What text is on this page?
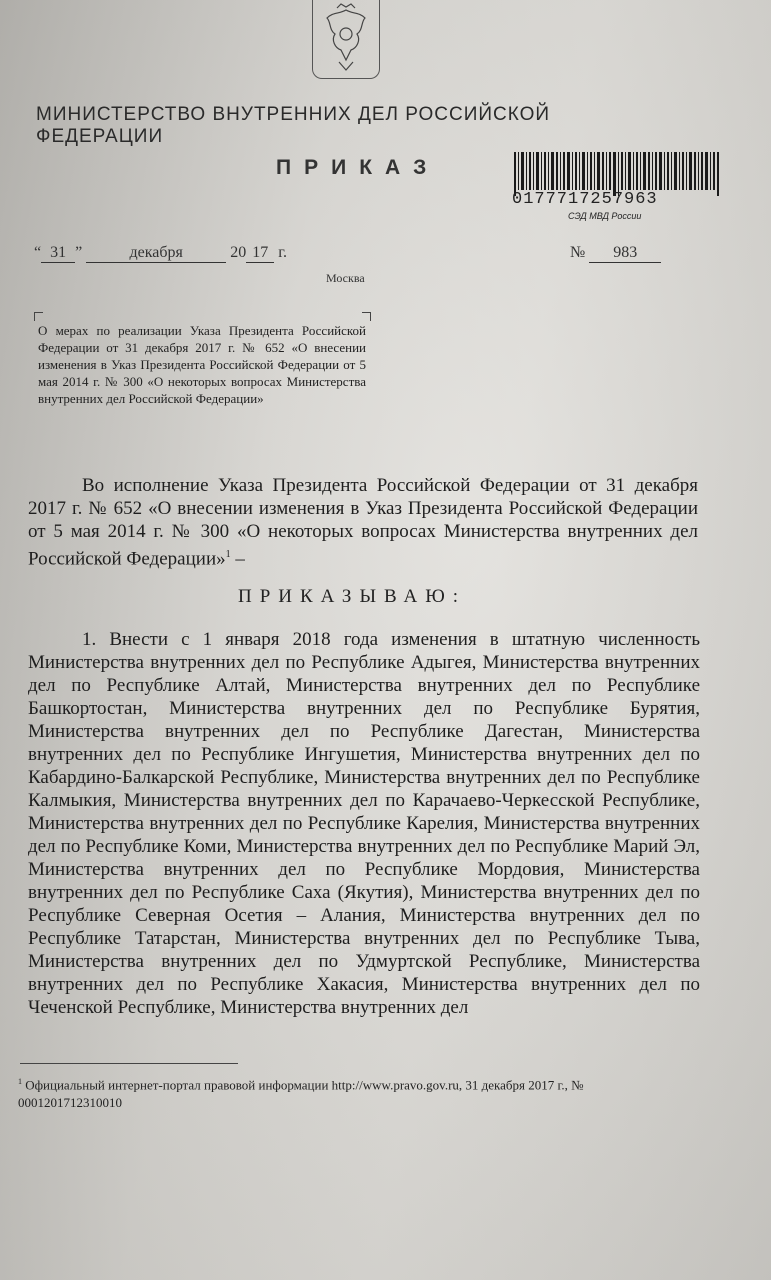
МИНИСТЕРСТВО ВНУТРЕННИХ ДЕЛ РОССИЙСКОЙ ФЕДЕРАЦИИ
ПРИКАЗ
0177717257963
СЭД МВД России
“ 31 ”	декабря	20 17 г.	№ 983
Москва
О мерах по реализации Указа Президента Российской Федерации от 31 декабря 2017 г. № 652 «О внесении изменения в Указ Президента Российской Федерации от 5 мая 2014 г. № 300 «О некоторых вопросах Министерства внутренних дел Российской Федерации»
Во исполнение Указа Президента Российской Федерации от 31 декабря 2017 г. № 652 «О внесении изменения в Указ Президента Российской Федерации от 5 мая 2014 г. № 300 «О некоторых вопросах Министерства внутренних дел Российской Федерации»$^1$ –
ПРИКАЗЫВАЮ:
1. Внести с 1 января 2018 года изменения в штатную численность Министерства внутренних дел по Республике Адыгея, Министерства внутренних дел по Республике Алтай, Министерства внутренних дел по Республике Башкортостан, Министерства внутренних дел по Республике Бурятия, Министерства внутренних дел по Республике Дагестан, Министерства внутренних дел по Республике Ингушетия, Министерства внутренних дел по Кабардино-Балкарской Республике, Министерства внутренних дел по Республике Калмыкия, Министерства внутренних дел по Карачаево-Черкесской Республике, Министерства внутренних дел по Республике Карелия, Министерства внутренних дел по Республике Коми, Министерства внутренних дел по Республике Марий Эл, Министерства внутренних дел по Республике Мордовия, Министерства внутренних дел по Республике Саха (Якутия), Министерства внутренних дел по Республике Северная Осетия – Алания, Министерства внутренних дел по Республике Татарстан, Министерства внутренних дел по Республике Тыва, Министерства внутренних дел по Удмуртской Республике, Министерства внутренних дел по Республике Хакасия, Министерства внутренних дел по Чеченской Республике, Министерства внутренних дел
$^1$ Официальный интернет-портал правовой информации http://www.pravo.gov.ru, 31 декабря 2017 г., № 0001201712310010
